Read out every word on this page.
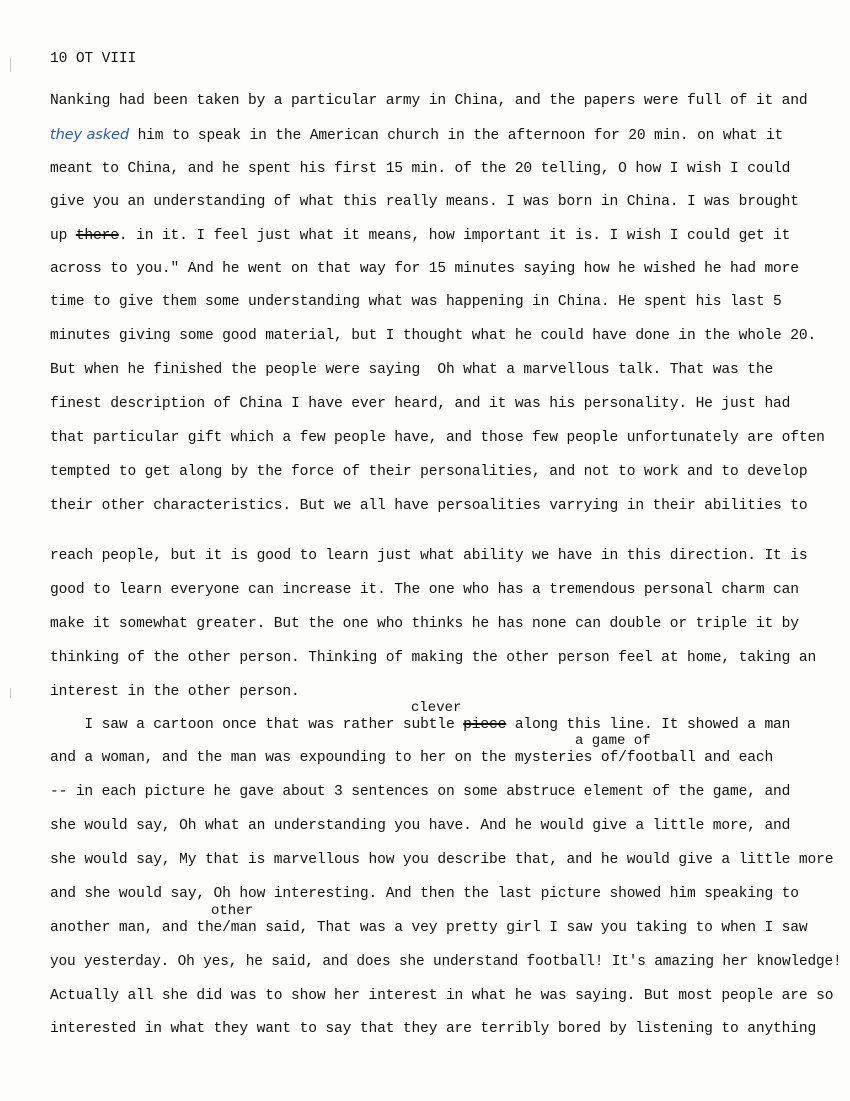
10 OT VIII
Nanking had been taken by a particular army in China, and the papers were full of it and
they asked him to speak in the American church in the afternoon for 20 min. on what it
meant to China, and he spent his first 15 min. of the 20 telling, O how I wish I could
give you an understanding of what this really means. I was born in China. I was brought
up there. in it. I feel just what it means, how important it is. I wish I could get it
across to you." And he went on that way for 15 minutes saying how he wished he had more
time to give them some understanding what was happening in China. He spent his last 5
minutes giving some good material, but I thought what he could have done in the whole 20.
But when he finished the people were saying  Oh what a marvellous talk. That was the
finest description of China I have ever heard, and it was his personality. He just had
that particular gift which a few people have, and those few people unfortunately are often
tempted to get along by the force of their personalities, and not to work and to develop
their other characteristics. But we all have persoalities varrying in their abilities to
reach people, but it is good to learn just what ability we have in this direction. It is
good to learn everyone can increase it. The one who has a tremendous personal charm can
make it somewhat greater. But the one who thinks he has none can double or triple it by
thinking of the other person. Thinking of making the other person feel at home, taking an
interest in the other person.
clever
I saw a cartoon once that was rather subtle piece along this line. It showed a man
a game of
and a woman, and the man was expounding to her on the mysteries of/football and each
-- in each picture he gave about 3 sentences on some abstruce element of the game, and
she would say, Oh what an understanding you have. And he would give a little more, and
she would say, My that is marvellous how you describe that, and he would give a little more
and she would say, Oh how interesting. And then the last picture showed him speaking to
other
another man, and the/man said, That was a vey pretty girl I saw you taking to when I saw
you yesterday. Oh yes, he said, and does she understand football! It's amazing her knowledge!
Actually all she did was to show her interest in what he was saying. But most people are so
interested in what they want to say that they are terribly bored by listening to anything
